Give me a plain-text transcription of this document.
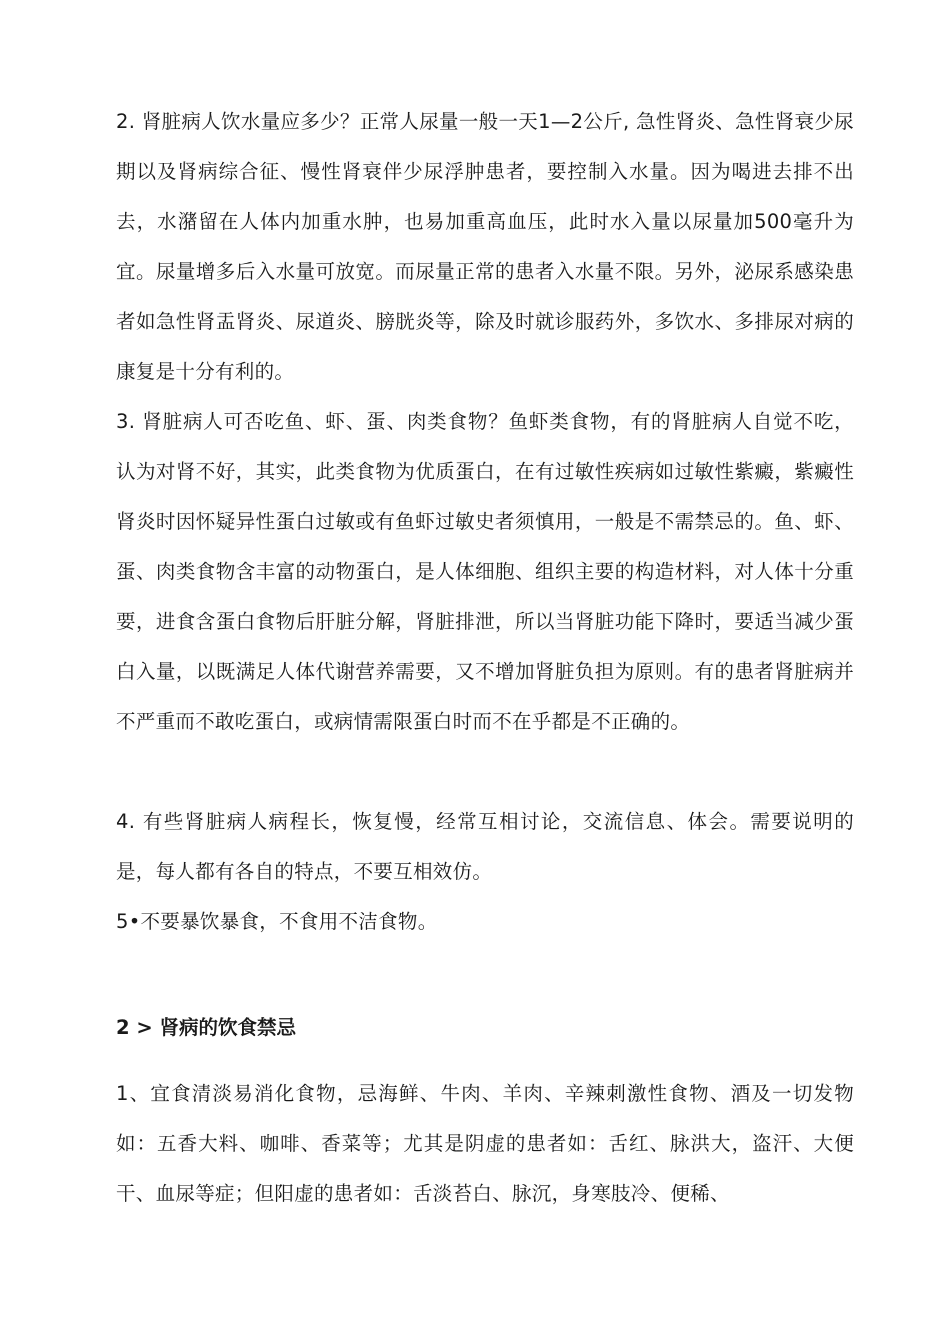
2. 肾脏病人饮水量应多少？正常人尿量一般一天1—2公斤, 急性肾炎、急性肾衰少尿期以及肾病综合征、慢性肾衰伴少尿浮肿患者，要控制入水量。因为喝进去排不出去，水潴留在人体内加重水肿，也易加重高血压，此时水入量以尿量加500毫升为宜。尿量增多后入水量可放宽。而尿量正常的患者入水量不限。另外，泌尿系感染患者如急性肾盂肾炎、尿道炎、膀胱炎等，除及时就诊服药外，多饮水、多排尿对病的康复是十分有利的。

3. 肾脏病人可否吃鱼、虾、蛋、肉类食物？鱼虾类食物，有的肾脏病人自觉不吃，认为对肾不好，其实，此类食物为优质蛋白，在有过敏性疾病如过敏性紫癜，紫癜性肾炎时因怀疑异性蛋白过敏或有鱼虾过敏史者须慎用，一般是不需禁忌的。鱼、虾、蛋、肉类食物含丰富的动物蛋白，是人体细胞、组织主要的构造材料，对人体十分重要，进食含蛋白食物后肝脏分解，肾脏排泄，所以当肾脏功能下降时，要适当减少蛋白入量，以既满足人体代谢营养需要，又不增加肾脏负担为原则。有的患者肾脏病并不严重而不敢吃蛋白，或病情需限蛋白时而不在乎都是不正确的。

4. 有些肾脏病人病程长，恢复慢，经常互相讨论，交流信息、体会。需要说明的是，每人都有各自的特点，不要互相效仿。

5•不要暴饮暴食，不食用不洁食物。

2 > 肾病的饮食禁忌

1、宜食清淡易消化食物，忌海鲜、牛肉、羊肉、辛辣刺激性食物、酒及一切发物如：五香大料、咖啡、香菜等；尤其是阴虚的患者如：舌红、脉洪大，盗汗、大便干、血尿等症；但阳虚的患者如：舌淡苔白、脉沉，身寒肢冷、便稀、
